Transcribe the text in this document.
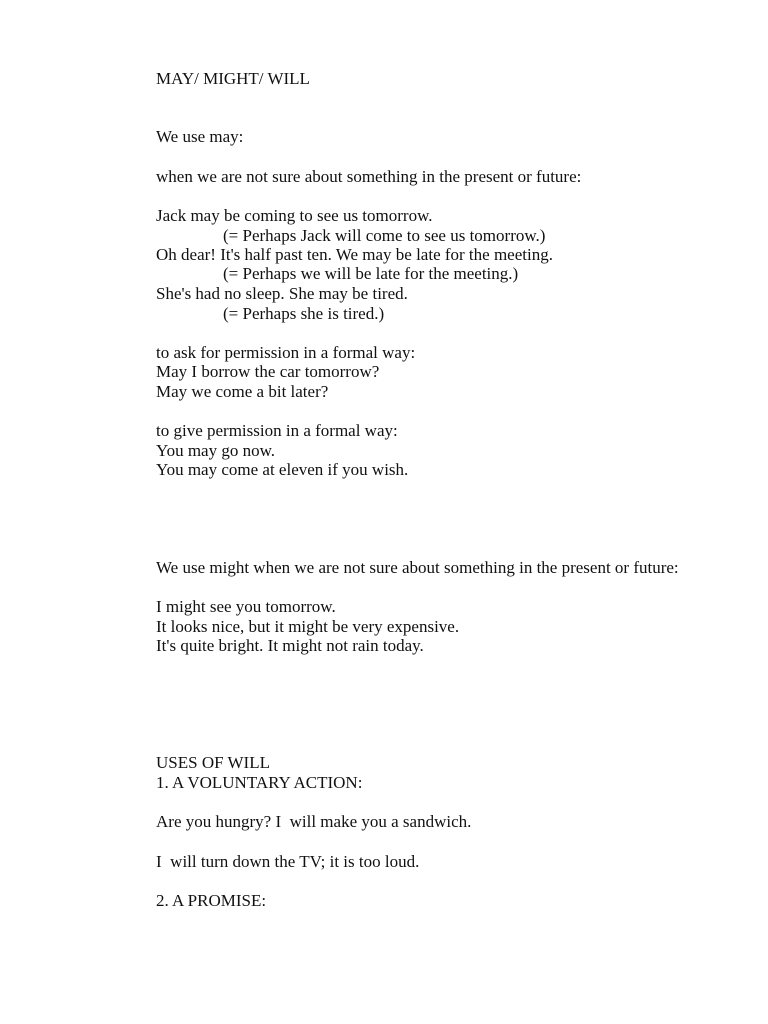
MAY/ MIGHT/ WILL
We use may:
when we are not sure about something in the present or future:
Jack may be coming to see us tomorrow.
(= Perhaps Jack will come to see us tomorrow.)
Oh dear! It's half past ten. We may be late for the meeting.
(= Perhaps we will be late for the meeting.)
She's had no sleep. She may be tired.
(= Perhaps she is tired.)
to ask for permission in a formal way:
May I borrow the car tomorrow?
May we come a bit later?
to give permission in a formal way:
You may go now.
You may come at eleven if you wish.
We use might when we are not sure about something in the present or future:
I might see you tomorrow.
It looks nice, but it might be very expensive.
It's quite bright. It might not rain today.
USES OF WILL
1. A VOLUNTARY ACTION:
Are you hungry? I  will make you a sandwich.
I  will turn down the TV; it is too loud.
2. A PROMISE:
